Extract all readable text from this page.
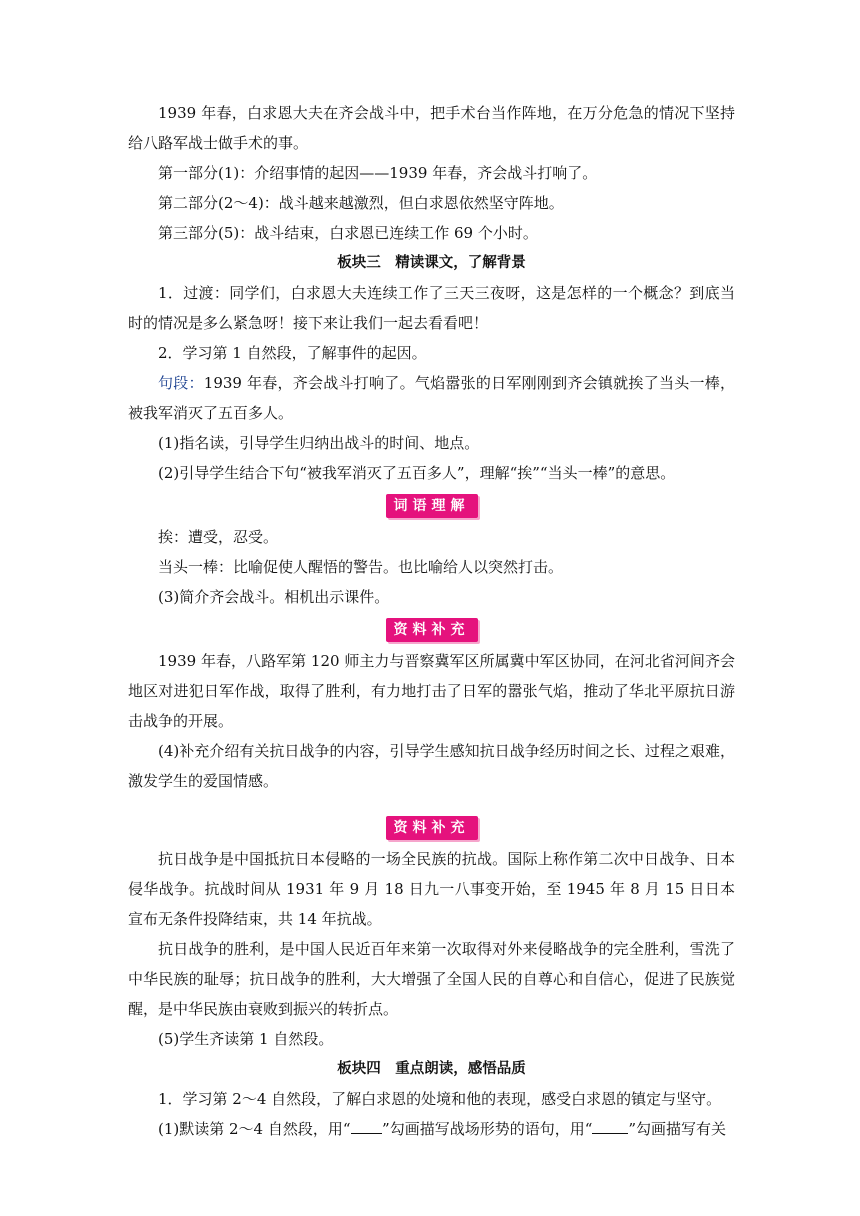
1939 年春，白求恩大夫在齐会战斗中，把手术台当作阵地，在万分危急的情况下坚持给八路军战士做手术的事。

第一部分(1)：介绍事情的起因——1939 年春，齐会战斗打响了。

第二部分(2～4)：战斗越来越激烈，但白求恩依然坚守阵地。

第三部分(5)：战斗结束，白求恩已连续工作 69 个小时。

板块三　精读课文，了解背景

1．过渡：同学们，白求恩大夫连续工作了三天三夜呀，这是怎样的一个概念？到底当时的情况是多么紧急呀！接下来让我们一起去看看吧！

2．学习第 1 自然段，了解事件的起因。

句段：1939 年春，齐会战斗打响了。气焰嚣张的日军刚刚到齐会镇就挨了当头一棒，被我军消灭了五百多人。

(1)指名读，引导学生归纳出战斗的时间、地点。

(2)引导学生结合下句“被我军消灭了五百多人”，理解“挨”“当头一棒”的意思。

词语理解

挨：遭受，忍受。

当头一棒：比喻促使人醒悟的警告。也比喻给人以突然打击。

(3)简介齐会战斗。相机出示课件。

资料补充

1939 年春，八路军第 120 师主力与晋察冀军区所属冀中军区协同，在河北省河间齐会地区对进犯日军作战，取得了胜利，有力地打击了日军的嚣张气焰，推动了华北平原抗日游击战争的开展。

(4)补充介绍有关抗日战争的内容，引导学生感知抗日战争经历时间之长、过程之艰难，激发学生的爱国情感。

资料补充

抗日战争是中国抵抗日本侵略的一场全民族的抗战。国际上称作第二次中日战争、日本侵华战争。抗战时间从 1931 年 9 月 18 日九一八事变开始，至 1945 年 8 月 15 日日本宣布无条件投降结束，共 14 年抗战。

抗日战争的胜利，是中国人民近百年来第一次取得对外来侵略战争的完全胜利，雪洗了中华民族的耻辱；抗日战争的胜利，大大增强了全国人民的自尊心和自信心，促进了民族觉醒，是中华民族由衰败到振兴的转折点。

(5)学生齐读第 1 自然段。

板块四　重点朗读，感悟品质

1．学习第 2～4 自然段，了解白求恩的处境和他的表现，感受白求恩的镇定与坚守。

(1)默读第 2～4 自然段，用“ ”勾画描写战场形势的语句，用“ ”勾画描写有关
